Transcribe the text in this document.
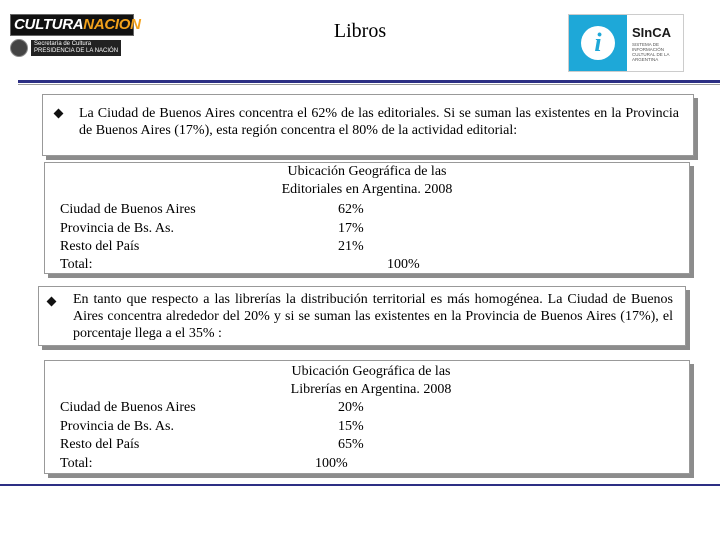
CULTURANACION
Secretaría de Cultura
PRESIDENCIA DE LA NACIÓN
Libros	i	SInCA
SISTEMA DE INFORMACIÓN CULTURAL DE LA ARGENTINA
La Ciudad de Buenos Aires concentra el 62% de las editoriales. Si se suman las existentes en la Provincia de Buenos Aires (17%), esta región concentra el 80% de la actividad editorial:
Ubicación Geográfica de las
Editoriales en Argentina. 2008
Ciudad de Buenos Aires	62%
Provincia de Bs. As.	17%
Resto del País	21%
Total:	100%
En tanto que respecto a las librerías la distribución territorial es más homogénea. La Ciudad de Buenos Aires concentra alrededor del 20% y si se suman las existentes en la Provincia de Buenos Aires (17%), el porcentaje llega a el 35% :
Ubicación Geográfica de las
Librerías en Argentina. 2008
Ciudad de Buenos Aires	20%
Provincia de Bs. As.	15%
Resto del País	65%
Total:	100%
